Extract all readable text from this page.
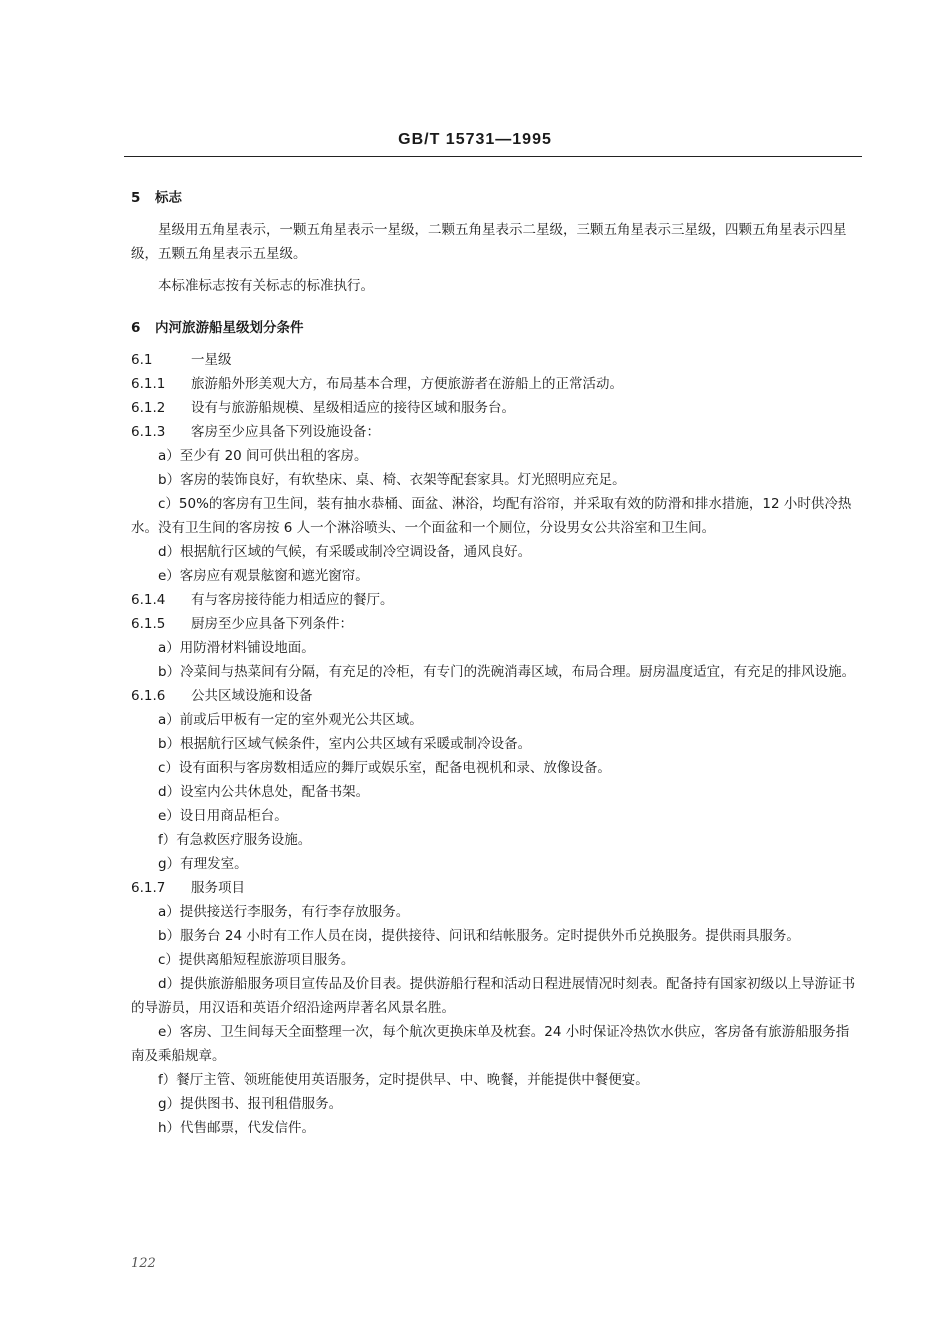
GB/T 15731—1995
5 标志
星级用五角星表示，一颗五角星表示一星级，二颗五角星表示二星级，三颗五角星表示三星级，四颗五角星表示四星级，五颗五角星表示五星级。
本标准标志按有关标志的标准执行。
6 内河旅游船星级划分条件
6.1	一星级
6.1.1 旅游船外形美观大方，布局基本合理，方便旅游者在游船上的正常活动。
6.1.2 设有与旅游船规模、星级相适应的接待区域和服务台。
6.1.3 客房至少应具备下列设施设备：
a）至少有 20 间可供出租的客房。
b）客房的装饰良好，有软垫床、桌、椅、衣架等配套家具。灯光照明应充足。
c）50%的客房有卫生间，装有抽水恭桶、面盆、淋浴，均配有浴帘，并采取有效的防滑和排水措施，12 小时供冷热水。没有卫生间的客房按 6 人一个淋浴喷头、一个面盆和一个厕位，分设男女公共浴室和卫生间。
d）根据航行区域的气候，有采暖或制冷空调设备，通风良好。
e）客房应有观景舷窗和遮光窗帘。
6.1.4 有与客房接待能力相适应的餐厅。
6.1.5 厨房至少应具备下列条件：
a）用防滑材料铺设地面。
b）冷菜间与热菜间有分隔，有充足的冷柜，有专门的洗碗消毒区域，布局合理。厨房温度适宜，有充足的排风设施。
6.1.6 公共区域设施和设备
a）前或后甲板有一定的室外观光公共区域。
b）根据航行区域气候条件，室内公共区域有采暖或制冷设备。
c）设有面积与客房数相适应的舞厅或娱乐室，配备电视机和录、放像设备。
d）设室内公共休息处，配备书架。
e）设日用商品柜台。
f）有急救医疗服务设施。
g）有理发室。
6.1.7 服务项目
a）提供接送行李服务，有行李存放服务。
b）服务台 24 小时有工作人员在岗，提供接待、问讯和结帐服务。定时提供外币兑换服务。提供雨具服务。
c）提供离船短程旅游项目服务。
d）提供旅游船服务项目宣传品及价目表。提供游船行程和活动日程进展情况时刻表。配备持有国家初级以上导游证书的导游员，用汉语和英语介绍沿途两岸著名风景名胜。
e）客房、卫生间每天全面整理一次，每个航次更换床单及枕套。24 小时保证冷热饮水供应，客房备有旅游船服务指南及乘船规章。
f）餐厅主管、领班能使用英语服务，定时提供早、中、晚餐，并能提供中餐便宴。
g）提供图书、报刊租借服务。
h）代售邮票，代发信件。
122
